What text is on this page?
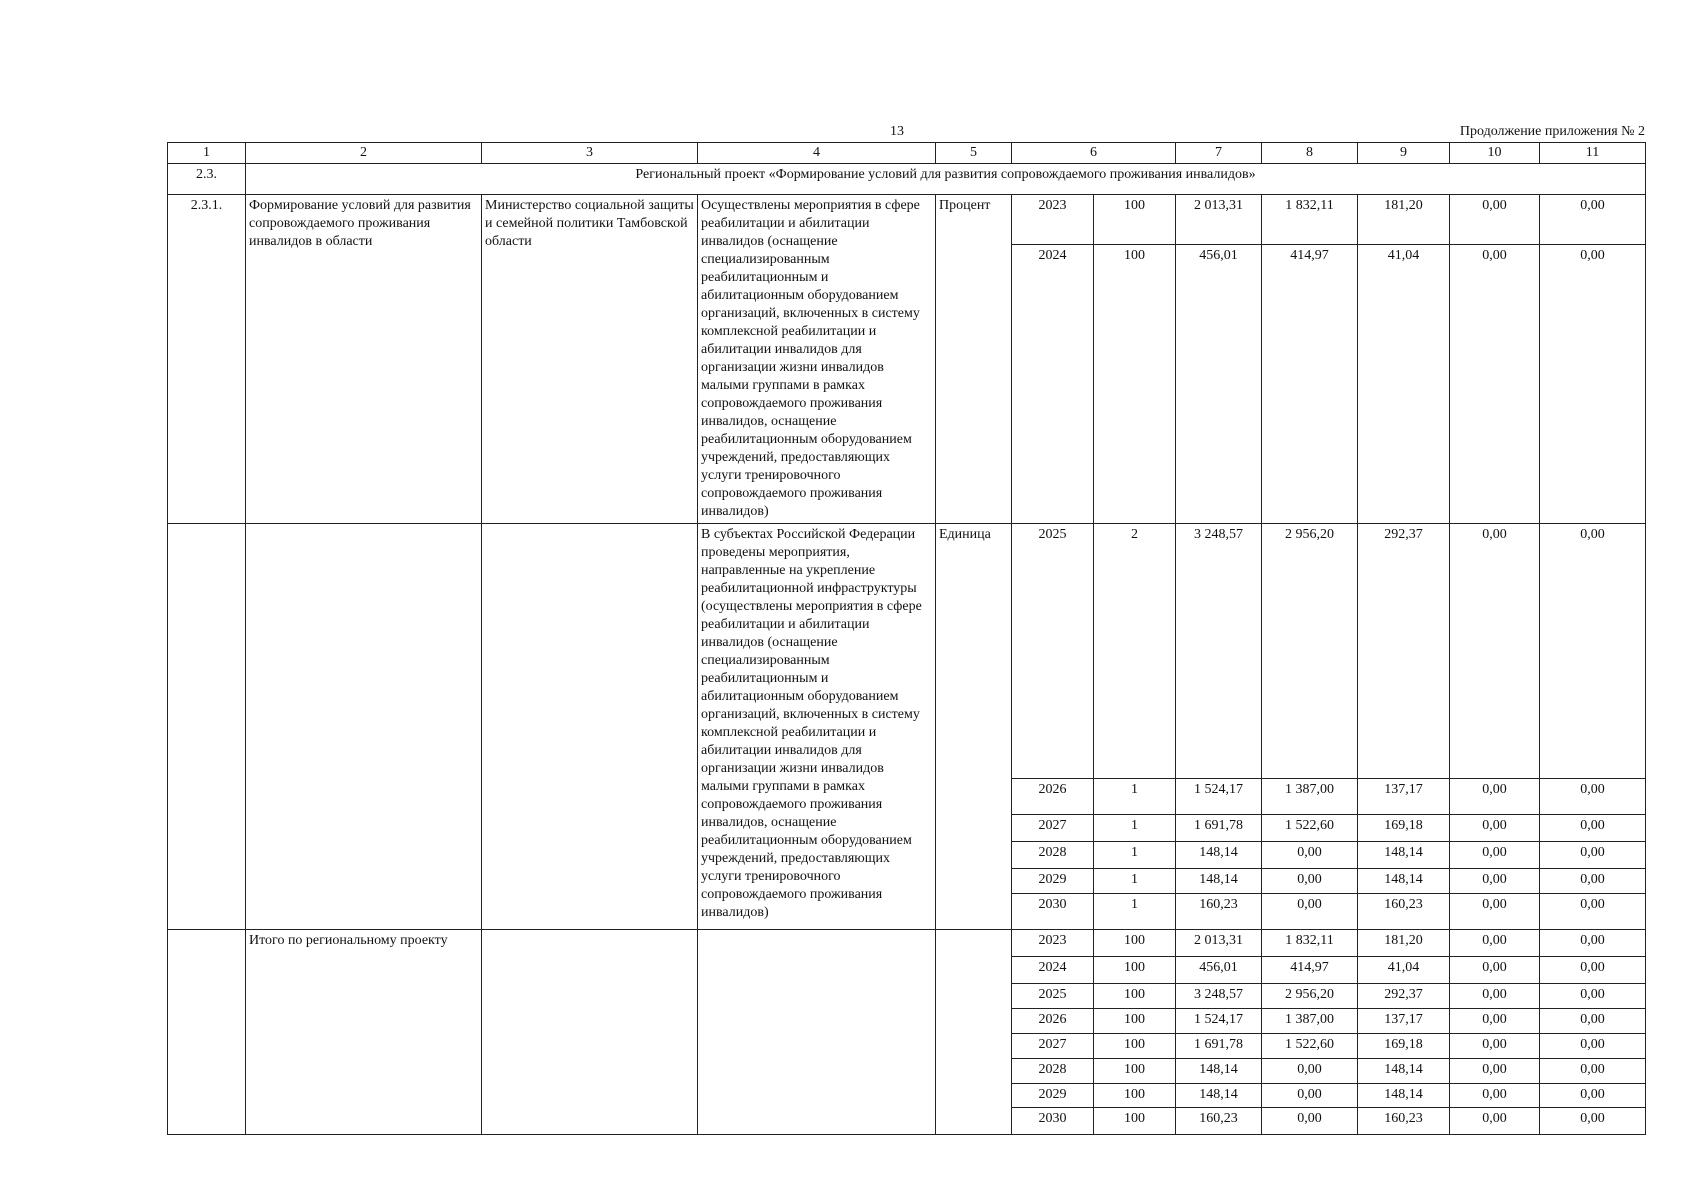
13	Продолжение приложения № 2
1	2	3	4	5	6		7	8	9	10	11
2.3.	Региональный проект «Формирование условий для развития сопровождаемого проживания инвалидов»										
2.3.1.	Формирование условий для развития сопровождаемого проживания инвалидов в области	Министерство социальной защиты и семейной политики Тамбовской области	Осуществлены мероприятия в сфере реабилитации и абилитации инвалидов (оснащение специализированным реабилитационным и абилитационным оборудованием организаций, включенных в систему комплексной реабилитации и абилитации инвалидов для организации жизни инвалидов малыми группами в рамках сопровождаемого проживания инвалидов, оснащение реабилитационным оборудованием учреждений, предоставляющих услуги тренировочного сопровождаемого проживания инвалидов)	Процент	2023	100	2 013,31	1 832,11	181,20	0,00	0,00
					2024	100	456,01	414,97	41,04	0,00	0,00
			В субъектах Российской Федерации проведены мероприятия, направленные на укрепление реабилитационной инфраструктуры (осуществлены мероприятия в сфере реабилитации и абилитации инвалидов (оснащение специализированным реабилитационным и абилитационным оборудованием организаций, включенных в систему комплексной реабилитации и абилитации инвалидов для организации жизни инвалидов малыми группами в рамках сопровождаемого проживания инвалидов, оснащение реабилитационным оборудованием учреждений, предоставляющих услуги тренировочного сопровождаемого проживания инвалидов)	Единица	2025	2	3 248,57	2 956,20	292,37	0,00	0,00
					2026	1	1 524,17	1 387,00	137,17	0,00	0,00
					2027	1	1 691,78	1 522,60	169,18	0,00	0,00
					2028	1	148,14	0,00	148,14	0,00	0,00
					2029	1	148,14	0,00	148,14	0,00	0,00
					2030	1	160,23	0,00	160,23	0,00	0,00
	Итого по региональному проекту				2023	100	2 013,31	1 832,11	181,20	0,00	0,00
					2024	100	456,01	414,97	41,04	0,00	0,00
					2025	100	3 248,57	2 956,20	292,37	0,00	0,00
					2026	100	1 524,17	1 387,00	137,17	0,00	0,00
					2027	100	1 691,78	1 522,60	169,18	0,00	0,00
					2028	100	148,14	0,00	148,14	0,00	0,00
					2029	100	148,14	0,00	148,14	0,00	0,00
					2030	100	160,23	0,00	160,23	0,00	0,00
